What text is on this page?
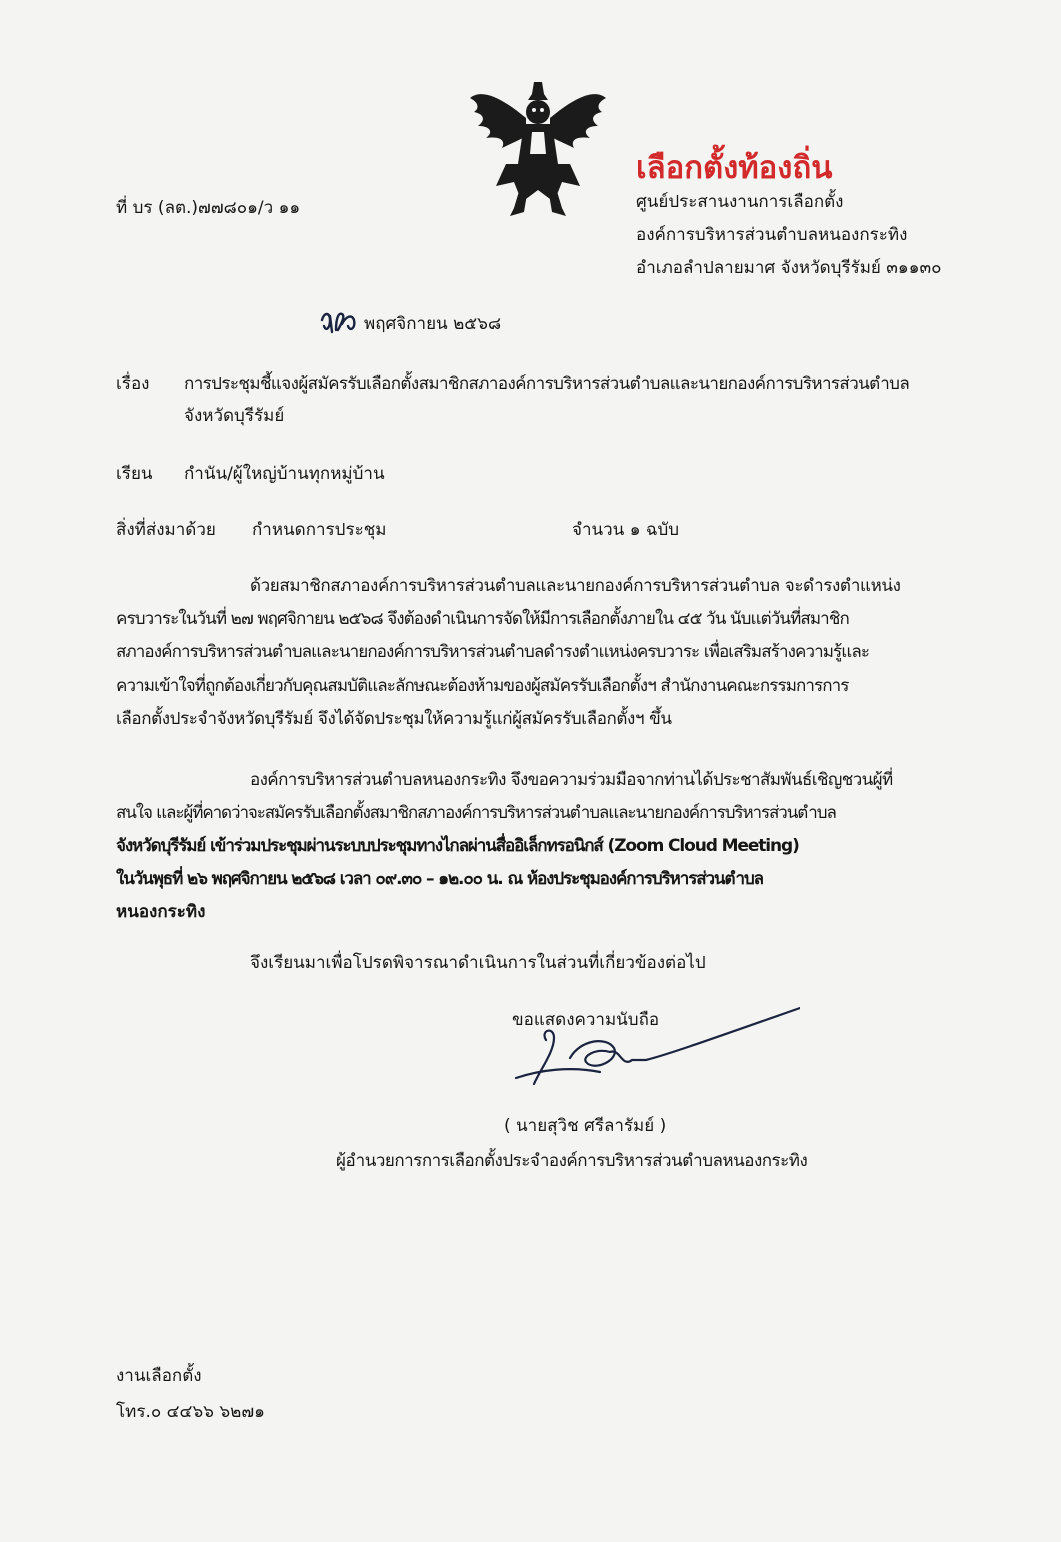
ที่ บร (ลต.)๗๗๘๐๑/ว ๑๑
เลือกตั้งท้องถิ่น
ศูนย์ประสานงานการเลือกตั้ง
องค์การบริหารส่วนตำบลหนองกระทิง
อำเภอลำปลายมาศ จังหวัดบุรีรัมย์ ๓๑๑๓๐
พฤศจิกายน ๒๕๖๘
เรื่อง การประชุมชี้แจงผู้สมัครรับเลือกตั้งสมาชิกสภาองค์การบริหารส่วนตำบลและนายกองค์การบริหารส่วนตำบล
จังหวัดบุรีรัมย์
เรียน กำนัน/ผู้ใหญ่บ้านทุกหมู่บ้าน
สิ่งที่ส่งมาด้วย กำหนดการประชุม	จำนวน ๑ ฉบับ
ด้วยสมาชิกสภาองค์การบริหารส่วนตำบลและนายกองค์การบริหารส่วนตำบล จะดำรงตำแหน่ง
ครบวาระในวันที่ ๒๗ พฤศจิกายน ๒๕๖๘ จึงต้องดำเนินการจัดให้มีการเลือกตั้งภายใน ๔๕ วัน นับแต่วันที่สมาชิก
สภาองค์การบริหารส่วนตำบลและนายกองค์การบริหารส่วนตำบลดำรงตำแหน่งครบวาระ เพื่อเสริมสร้างความรู้และ
ความเข้าใจที่ถูกต้องเกี่ยวกับคุณสมบัติและลักษณะต้องห้ามของผู้สมัครรับเลือกตั้งฯ สำนักงานคณะกรรมการการ
เลือกตั้งประจำจังหวัดบุรีรัมย์ จึงได้จัดประชุมให้ความรู้แก่ผู้สมัครรับเลือกตั้งฯ ขึ้น
องค์การบริหารส่วนตำบลหนองกระทิง จึงขอความร่วมมือจากท่านได้ประชาสัมพันธ์เชิญชวนผู้ที่
สนใจ และผู้ที่คาดว่าจะสมัครรับเลือกตั้งสมาชิกสภาองค์การบริหารส่วนตำบลและนายกองค์การบริหารส่วนตำบล
จังหวัดบุรีรัมย์ เข้าร่วมประชุมผ่านระบบประชุมทางไกลผ่านสื่ออิเล็กทรอนิกส์ (Zoom Cloud Meeting)
ในวันพุธที่ ๒๖ พฤศจิกายน ๒๕๖๘ เวลา ๐๙.๓๐ – ๑๒.๐๐ น. ณ ห้องประชุมองค์การบริหารส่วนตำบล
หนองกระทิง
จึงเรียนมาเพื่อโปรดพิจารณาดำเนินการในส่วนที่เกี่ยวข้องต่อไป
ขอแสดงความนับถือ
( นายสุวิช ศรีลารัมย์ )
ผู้อำนวยการการเลือกตั้งประจำองค์การบริหารส่วนตำบลหนองกระทิง
งานเลือกตั้ง
โทร.๐ ๔๔๖๖ ๖๒๗๑
